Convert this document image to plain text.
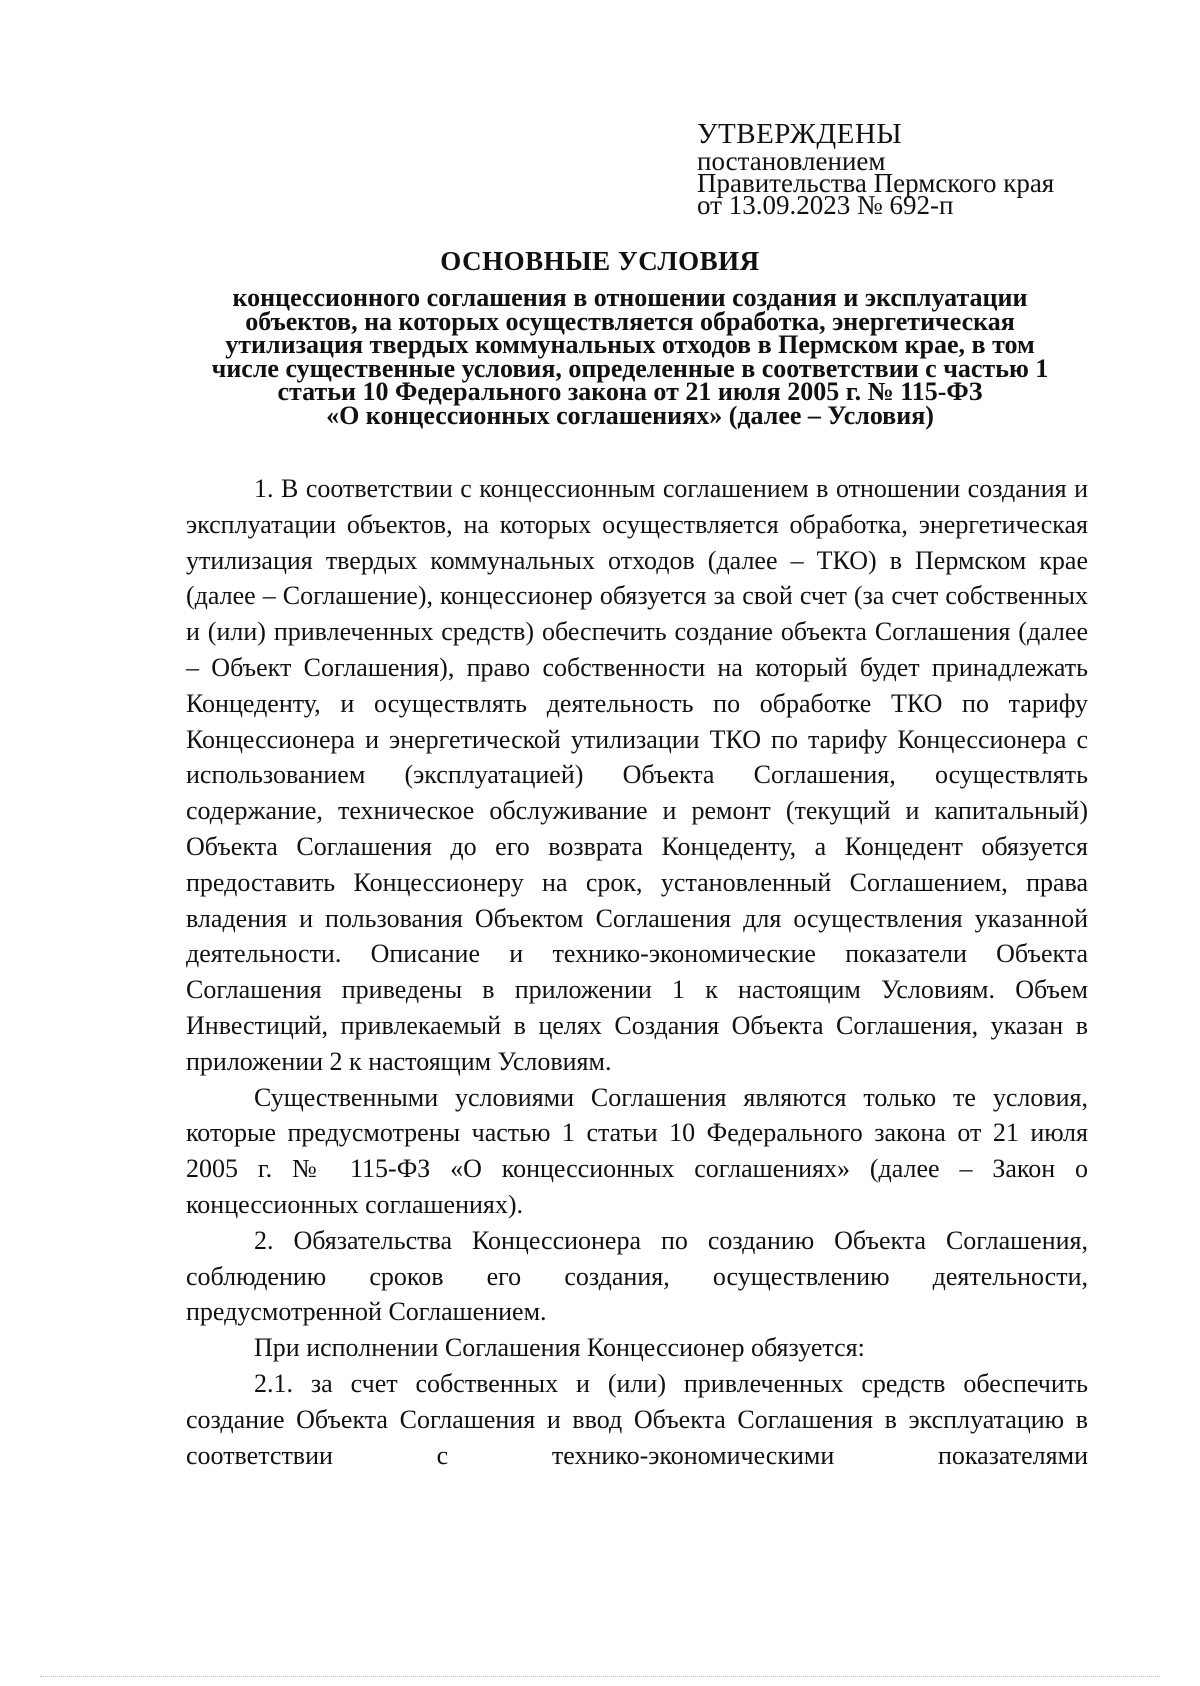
УТВЕРЖДЕНЫ
постановлением
Правительства Пермского края
от 13.09.2023 № 692-п
ОСНОВНЫЕ УСЛОВИЯ
концессионного соглашения в отношении создания и эксплуатации
объектов, на которых осуществляется обработка, энергетическая
утилизация твердых коммунальных отходов в Пермском крае, в том
числе существенные условия, определенные в соответствии с частью 1
статьи 10 Федерального закона от 21 июля 2005 г. № 115-ФЗ
«О концессионных соглашениях» (далее – Условия)

1. В соответствии с концессионным соглашением в отношении создания и эксплуатации объектов, на которых осуществляется обработка, энергетическая утилизация твердых коммунальных отходов (далее – ТКО) в Пермском крае (далее – Соглашение), концессионер обязуется за свой счет (за счет собственных и (или) привлеченных средств) обеспечить создание объекта Соглашения (далее – Объект Соглашения), право собственности на который будет принадлежать Концеденту, и осуществлять деятельность по обработке ТКО по тарифу Концессионера и энергетической утилизации ТКО по тарифу Концессионера с использованием (эксплуатацией) Объекта Соглашения, осуществлять содержание, техническое обслуживание и ремонт (текущий и капитальный) Объекта Соглашения до его возврата Концеденту, а Концедент обязуется предоставить Концессионеру на срок, установленный Соглашением, права владения и пользования Объектом Соглашения для осуществления указанной деятельности. Описание и технико-экономические показатели Объекта Соглашения приведены в приложении 1 к настоящим Условиям. Объем Инвестиций, привлекаемый в целях Создания Объекта Соглашения, указан в приложении 2 к настоящим Условиям.

Существенными условиями Соглашения являются только те условия, которые предусмотрены частью 1 статьи 10 Федерального закона от 21 июля 2005 г. № 115-ФЗ «О концессионных соглашениях» (далее – Закон о концессионных соглашениях).

2. Обязательства Концессионера по созданию Объекта Соглашения, соблюдению сроков его создания, осуществлению деятельности, предусмотренной Соглашением.

При исполнении Соглашения Концессионер обязуется:

2.1. за счет собственных и (или) привлеченных средств обеспечить создание Объекта Соглашения и ввод Объекта Соглашения в эксплуатацию в соответствии с технико-экономическими показателями
